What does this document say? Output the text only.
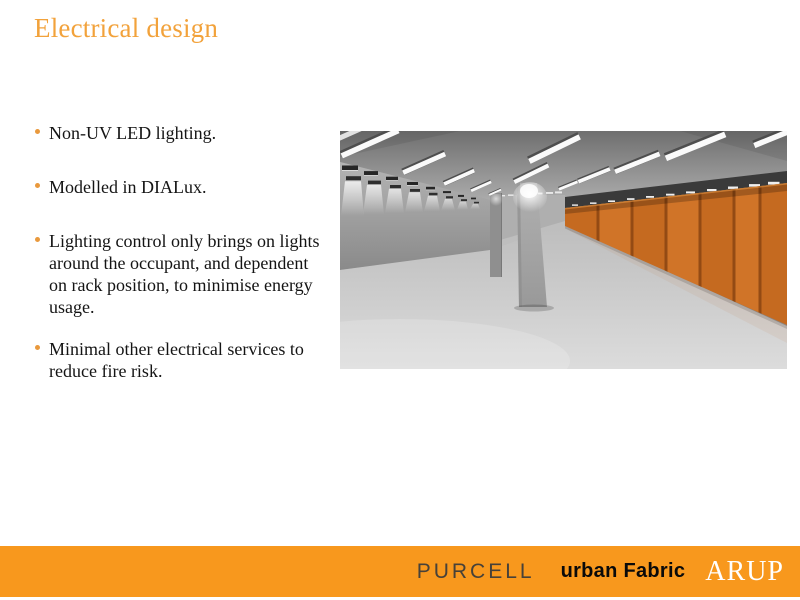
Electrical design
Non-UV LED lighting.
Modelled in DIALux.
Lighting control only brings on lights around the occupant, and dependent on rack position, to minimise energy usage.
Minimal other electrical services to reduce fire risk.
PURCELL urban Fabric ARUP
